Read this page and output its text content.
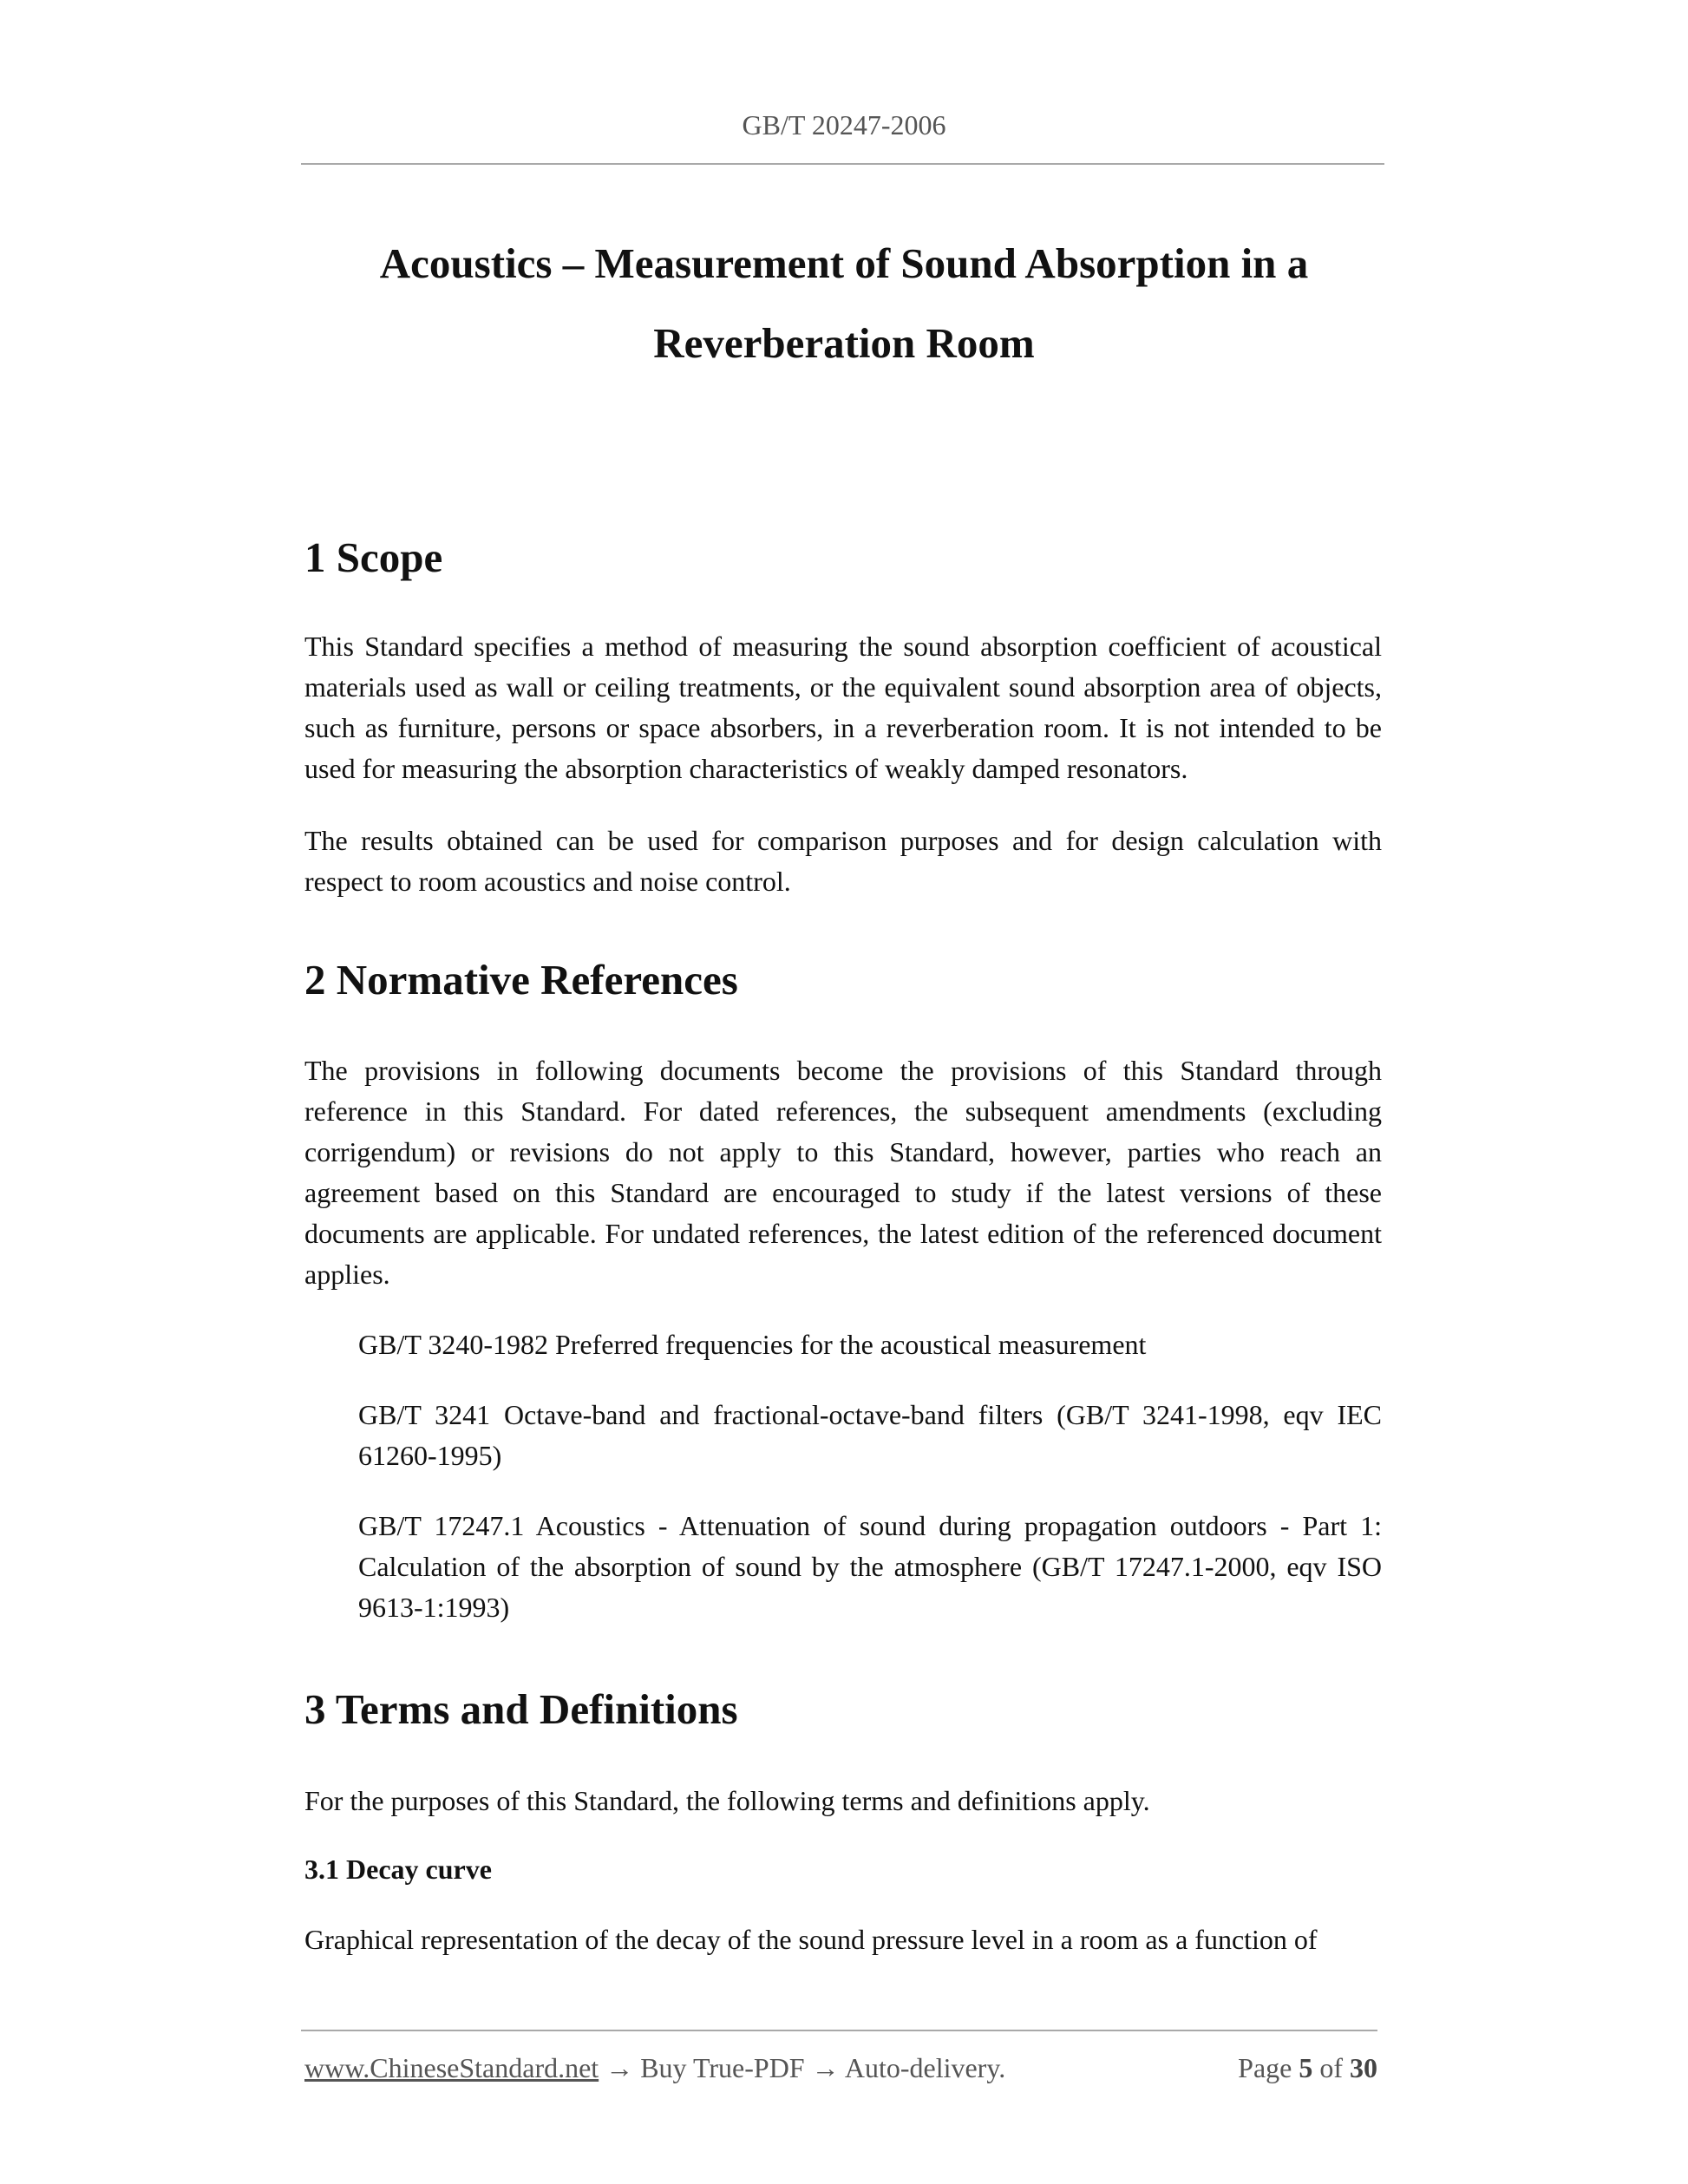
GB/T 20247-2006
Acoustics – Measurement of Sound Absorption in a
Reverberation Room
1 Scope

This Standard specifies a method of measuring the sound absorption coefficient of acoustical materials used as wall or ceiling treatments, or the equivalent sound absorption area of objects, such as furniture, persons or space absorbers, in a reverberation room. It is not intended to be used for measuring the absorption characteristics of weakly damped resonators.

The results obtained can be used for comparison purposes and for design calculation with respect to room acoustics and noise control.

2 Normative References

The provisions in following documents become the provisions of this Standard through reference in this Standard. For dated references, the subsequent amendments (excluding corrigendum) or revisions do not apply to this Standard, however, parties who reach an agreement based on this Standard are encouraged to study if the latest versions of these documents are applicable. For undated references, the latest edition of the referenced document applies.

GB/T 3240-1982 Preferred frequencies for the acoustical measurement

GB/T 3241 Octave-band and fractional-octave-band filters (GB/T 3241-1998, eqv IEC 61260-1995)

GB/T 17247.1 Acoustics - Attenuation of sound during propagation outdoors - Part 1: Calculation of the absorption of sound by the atmosphere (GB/T 17247.1-2000, eqv ISO 9613-1:1993)

3 Terms and Definitions

For the purposes of this Standard, the following terms and definitions apply.

3.1 Decay curve

Graphical representation of the decay of the sound pressure level in a room as a function of

www.ChineseStandard.net → Buy True-PDF → Auto-delivery.	Page 5 of 30
